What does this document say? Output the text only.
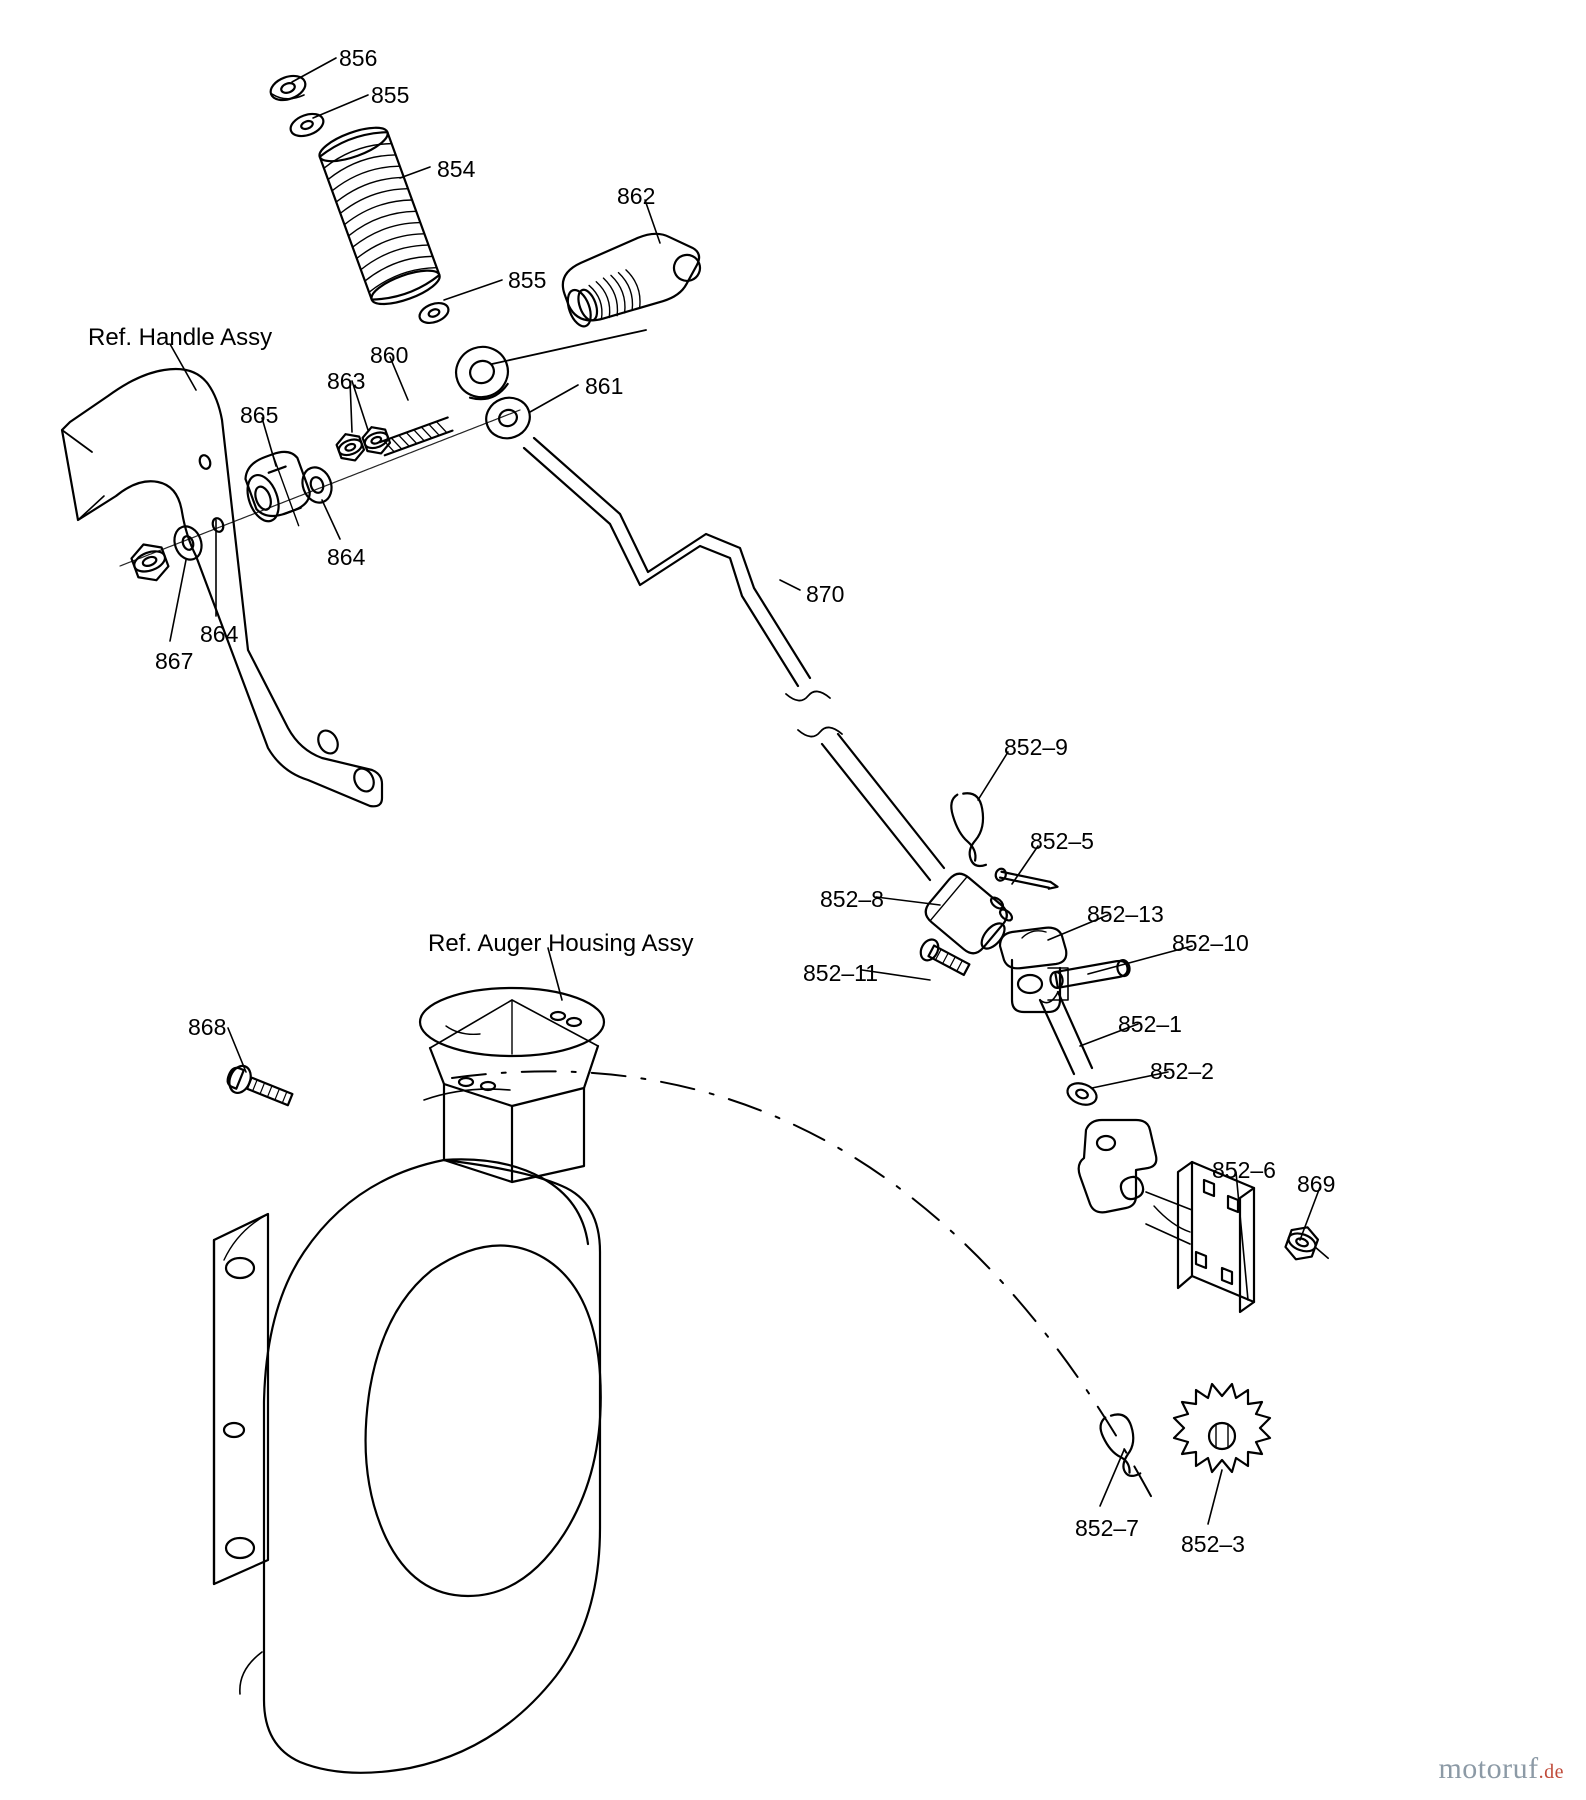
Ref. Handle Assy
Ref. Auger Housing Assy
856
855
854
862
855
860
863	861
865
864
864
867
870
852–9
852–5
852–8
852–13
852–10
852–11
852–1
852–2
852–6
869
868
852–7
852–3
motoruf.de
